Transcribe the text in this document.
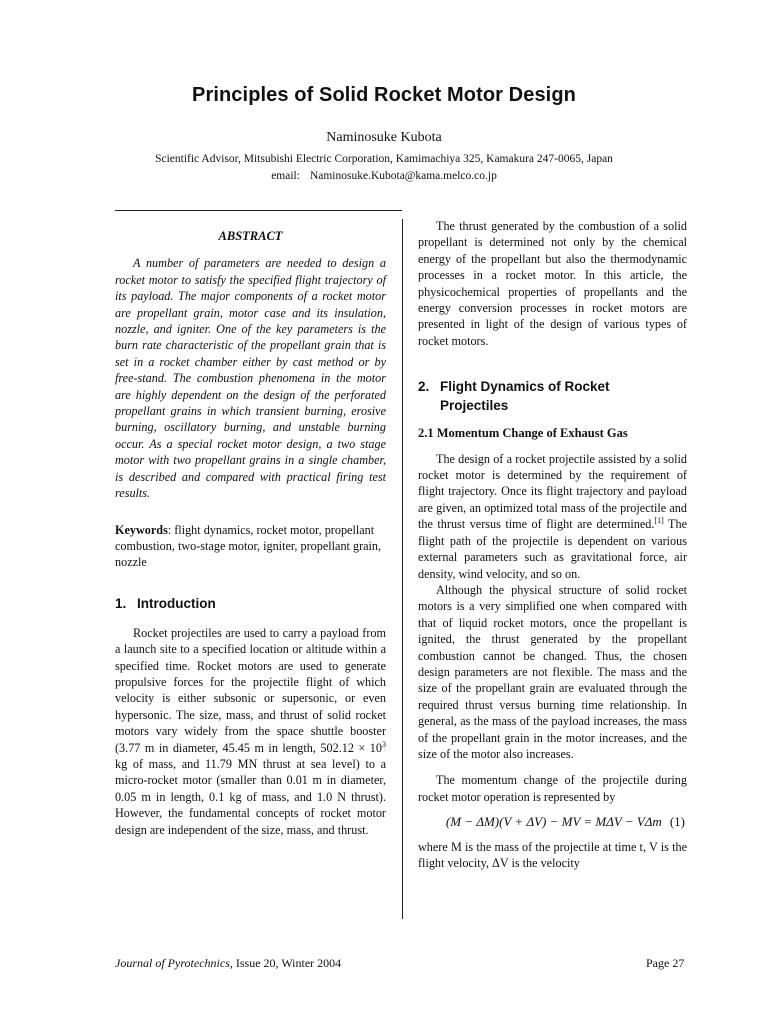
Principles of Solid Rocket Motor Design
Naminosuke Kubota
Scientific Advisor, Mitsubishi Electric Corporation, Kamimachiya 325, Kamakura 247-0065, Japan
email: Naminosuke.Kubota@kama.melco.co.jp
ABSTRACT

A number of parameters are needed to design a rocket motor to satisfy the specified flight trajectory of its payload. The major components of a rocket motor are propellant grain, motor case and its insulation, nozzle, and igniter. One of the key parameters is the burn rate characteristic of the propellant grain that is set in a rocket chamber either by cast method or by free-stand. The combustion phenomena in the motor are highly dependent on the design of the perforated propellant grains in which transient burning, erosive burning, oscillatory burning, and unstable burning occur. As a special rocket motor design, a two stage motor with two propellant grains in a single chamber, is described and compared with practical firing test results.

Keywords: flight dynamics, rocket motor, propellant combustion, two-stage motor, igniter, propellant grain, nozzle

1. Introduction

Rocket projectiles are used to carry a payload from a launch site to a specified location or altitude within a specified time. Rocket motors are used to generate propulsive forces for the projectile flight of which velocity is either subsonic or supersonic, or even hypersonic. The size, mass, and thrust of solid rocket motors vary widely from the space shuttle booster (3.77 m in diameter, 45.45 m in length, $502.12 \times 10^3$ kg of mass, and 11.79 MN thrust at sea level) to a micro-rocket motor (smaller than 0.01 m in diameter, 0.05 m in length, 0.1 kg of mass, and 1.0 N thrust). However, the fundamental concepts of rocket motor design are independent of the size, mass, and thrust.

The thrust generated by the combustion of a solid propellant is determined not only by the chemical energy of the propellant but also the thermodynamic processes in a rocket motor. In this article, the physicochemical properties of propellants and the energy conversion processes in rocket motors are presented in light of the design of various types of rocket motors.

2. Flight Dynamics of Rocket
Projectiles
2.1 Momentum Change of Exhaust Gas

The design of a rocket projectile assisted by a solid rocket motor is determined by the requirement of flight trajectory. Once its flight trajectory and payload are given, an optimized total mass of the projectile and the thrust versus time of flight are determined.[1] The flight path of the projectile is dependent on various external parameters such as gravitational force, air density, wind velocity, and so on.

Although the physical structure of solid rocket motors is a very simplified one when compared with that of liquid rocket motors, once the propellant is ignited, the thrust generated by the propellant combustion cannot be changed. Thus, the chosen design parameters are not flexible. The mass and the size of the propellant grain are evaluated through the required thrust versus burning time relationship. In general, as the mass of the payload increases, the mass of the propellant grain in the motor increases, and the size of the motor also increases.

The momentum change of the projectile during rocket motor operation is represented by

(M − ΔM)(V + ΔV) − MV = MΔV − VΔm (1)

where M is the mass of the projectile at time t, V is the flight velocity, ΔV is the velocity

Journal of Pyrotechnics, Issue 20, Winter 2004	Page 27
